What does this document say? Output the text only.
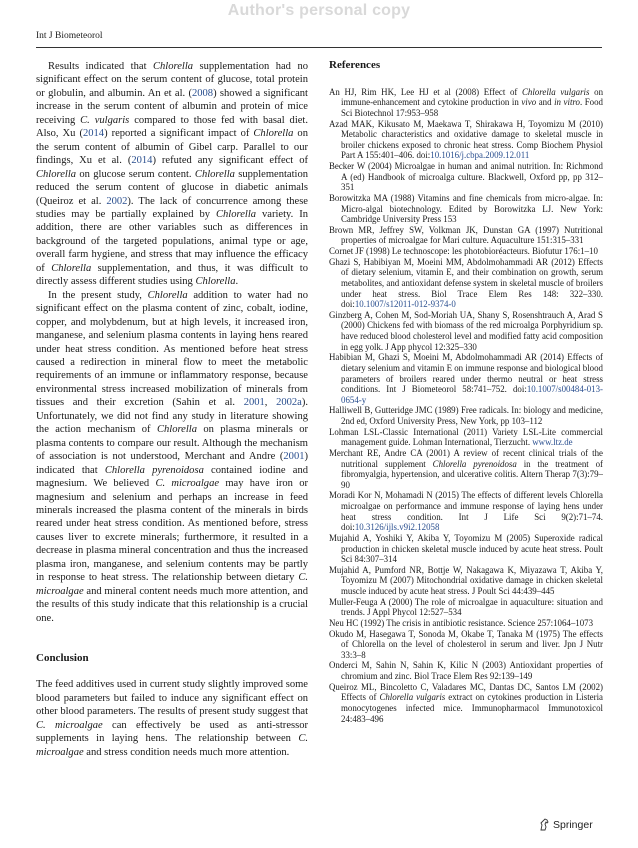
Author's personal copy
Int J Biometeorol

Results indicated that Chlorella supplementation had no significant effect on the serum content of glucose, total protein or globulin, and albumin. An et al. (2008) showed a significant increase in the serum content of albumin and protein of mice receiving C. vulgaris compared to those fed with basal diet. Also, Xu (2014) reported a significant impact of Chlorella on the serum content of albumin of Gibel carp. Parallel to our findings, Xu et al. (2014) refuted any significant effect of Chlorella on glucose serum content. Chlorella supplementation reduced the serum content of glucose in diabetic animals (Queiroz et al. 2002). The lack of concurrence among these studies may be partially explained by Chlorella variety. In addition, there are other variables such as differences in background of the targeted populations, animal type or age, overall farm hygiene, and stress that may influence the efficacy of Chlorella supplementation, and thus, it was difficult to directly assess different studies using Chlorella.

In the present study, Chlorella addition to water had no significant effect on the plasma content of zinc, cobalt, iodine, copper, and molybdenum, but at high levels, it increased iron, manganese, and selenium plasma contents in laying hens reared under heat stress condition. As mentioned before heat stress caused a redirection in mineral flow to meet the metabolic requirements of an immune or inflammatory response, because environmental stress increased mobilization of minerals from tissues and their excretion (Sahin et al. 2001, 2002a). Unfortunately, we did not find any study in literature showing the action mechanism of Chlorella on plasma minerals or plasma contents to compare our result. Although the mechanism of association is not understood, Merchant and Andre (2001) indicated that Chlorella pyrenoidosa contained iodine and magnesium. We believed C. microalgae may have iron or magnesium and selenium and perhaps an increase in feed minerals increased the plasma content of the minerals in birds reared under heat stress condition. As mentioned before, stress causes liver to excrete minerals; furthermore, it resulted in a decrease in plasma mineral concentration and thus the increased plasma iron, manganese, and selenium contents may be partly in response to heat stress. The relationship between dietary C. microalgae and mineral content needs much more attention, and the results of this study indicate that this relationship is a crucial one.

Conclusion

The feed additives used in current study slightly improved some blood parameters but failed to induce any significant effect on other blood parameters. The results of present study suggest that C. microalgae can effectively be used as anti-stressor supplements in laying hens. The relationship between C. microalgae and stress condition needs much more attention.

References
An HJ, Rim HK, Lee HJ et al (2008) Effect of Chlorella vulgaris on immune-enhancement and cytokine production in vivo and in vitro. Food Sci Biotechnol 17:953–958
Azad MAK, Kikusato M, Maekawa T, Shirakawa H, Toyomizu M (2010) Metabolic characteristics and oxidative damage to skeletal muscle in broiler chickens exposed to chronic heat stress. Comp Biochem Physiol Part A 155:401–406. doi:10.1016/j.cbpa.2009.12.011
Becker W (2004) Microalgae in human and animal nutrition. In: Richmond A (ed) Handbook of microalga culture. Blackwell, Oxford pp, pp 312–351
Borowitzka MA (1988) Vitamins and fine chemicals from micro-algae. In: Micro-algal biotechnology. Edited by Borowitzka LJ. New York: Cambridge University Press 153
Brown MR, Jeffrey SW, Volkman JK, Dunstan GA (1997) Nutritional properties of microalgae for Mari culture. Aquaculture 151:315–331
Cornet JF (1998) Le technoscope: les photobioréacteurs. Biofutur 176:1–10
Ghazi S, Habibiyan M, Moeini MM, Abdolmohammadi AR (2012) Effects of dietary selenium, vitamin E, and their combination on growth, serum metabolites, and antioxidant defense system in skeletal muscle of broilers under heat stress. Biol Trace Elem Res 148: 322–330. doi:10.1007/s12011-012-9374-0
Ginzberg A, Cohen M, Sod-Moriah UA, Shany S, Rosenshtrauch A, Arad S (2000) Chickens fed with biomass of the red microalga Porphyridium sp. have reduced blood cholesterol level and modified fatty acid composition in egg yolk. J App phycol 12:325–330
Habibian M, Ghazi S, Moeini M, Abdolmohammadi AR (2014) Effects of dietary selenium and vitamin E on immune response and biological blood parameters of broilers reared under thermo neutral or heat stress conditions. Int J Biometeorol 58:741–752. doi:10.1007/s00484-013-0654-y
Halliwell B, Gutteridge JMC (1989) Free radicals. In: biology and medicine, 2nd ed, Oxford University Press, New York, pp 103–112
Lohman LSL-Classic International (2011) Variety LSL-Lite commercial management guide. Lohman International, Tierzucht. www.ltz.de
Merchant RE, Andre CA (2001) A review of recent clinical trials of the nutritional supplement Chlorella pyrenoidosa in the treatment of fibromyalgia, hypertension, and ulcerative colitis. Altern Therap 7(3):79–90
Moradi Kor N, Mohamadi N (2015) The effects of different levels Chlorella microalgae on performance and immune response of laying hens under heat stress condition. Int J Life Sci 9(2):71–74. doi:10.3126/ijls.v9i2.12058
Mujahid A, Yoshiki Y, Akiba Y, Toyomizu M (2005) Superoxide radical production in chicken skeletal muscle induced by acute heat stress. Poult Sci 84:307–314
Mujahid A, Pumford NR, Bottje W, Nakagawa K, Miyazawa T, Akiba Y, Toyomizu M (2007) Mitochondrial oxidative damage in chicken skeletal muscle induced by acute heat stress. J Poult Sci 44:439–445
Muller-Feuga A (2000) The role of microalgae in aquaculture: situation and trends. J Appl Phycol 12:527–534
Neu HC (1992) The crisis in antibiotic resistance. Science 257:1064–1073
Okudo M, Hasegawa T, Sonoda M, Okabe T, Tanaka M (1975) The effects of Chlorella on the level of cholesterol in serum and liver. Jpn J Nutr 33:3–8
Onderci M, Sahin N, Sahin K, Kilic N (2003) Antioxidant properties of chromium and zinc. Biol Trace Elem Res 92:139–149
Queiroz ML, Bincoletto C, Valadares MC, Dantas DC, Santos LM (2002) Effects of Chlorella vulgaris extract on cytokines production in Listeria monocytogenes infected mice. Immunopharmacol Immunotoxicol 24:483–496
Springer
